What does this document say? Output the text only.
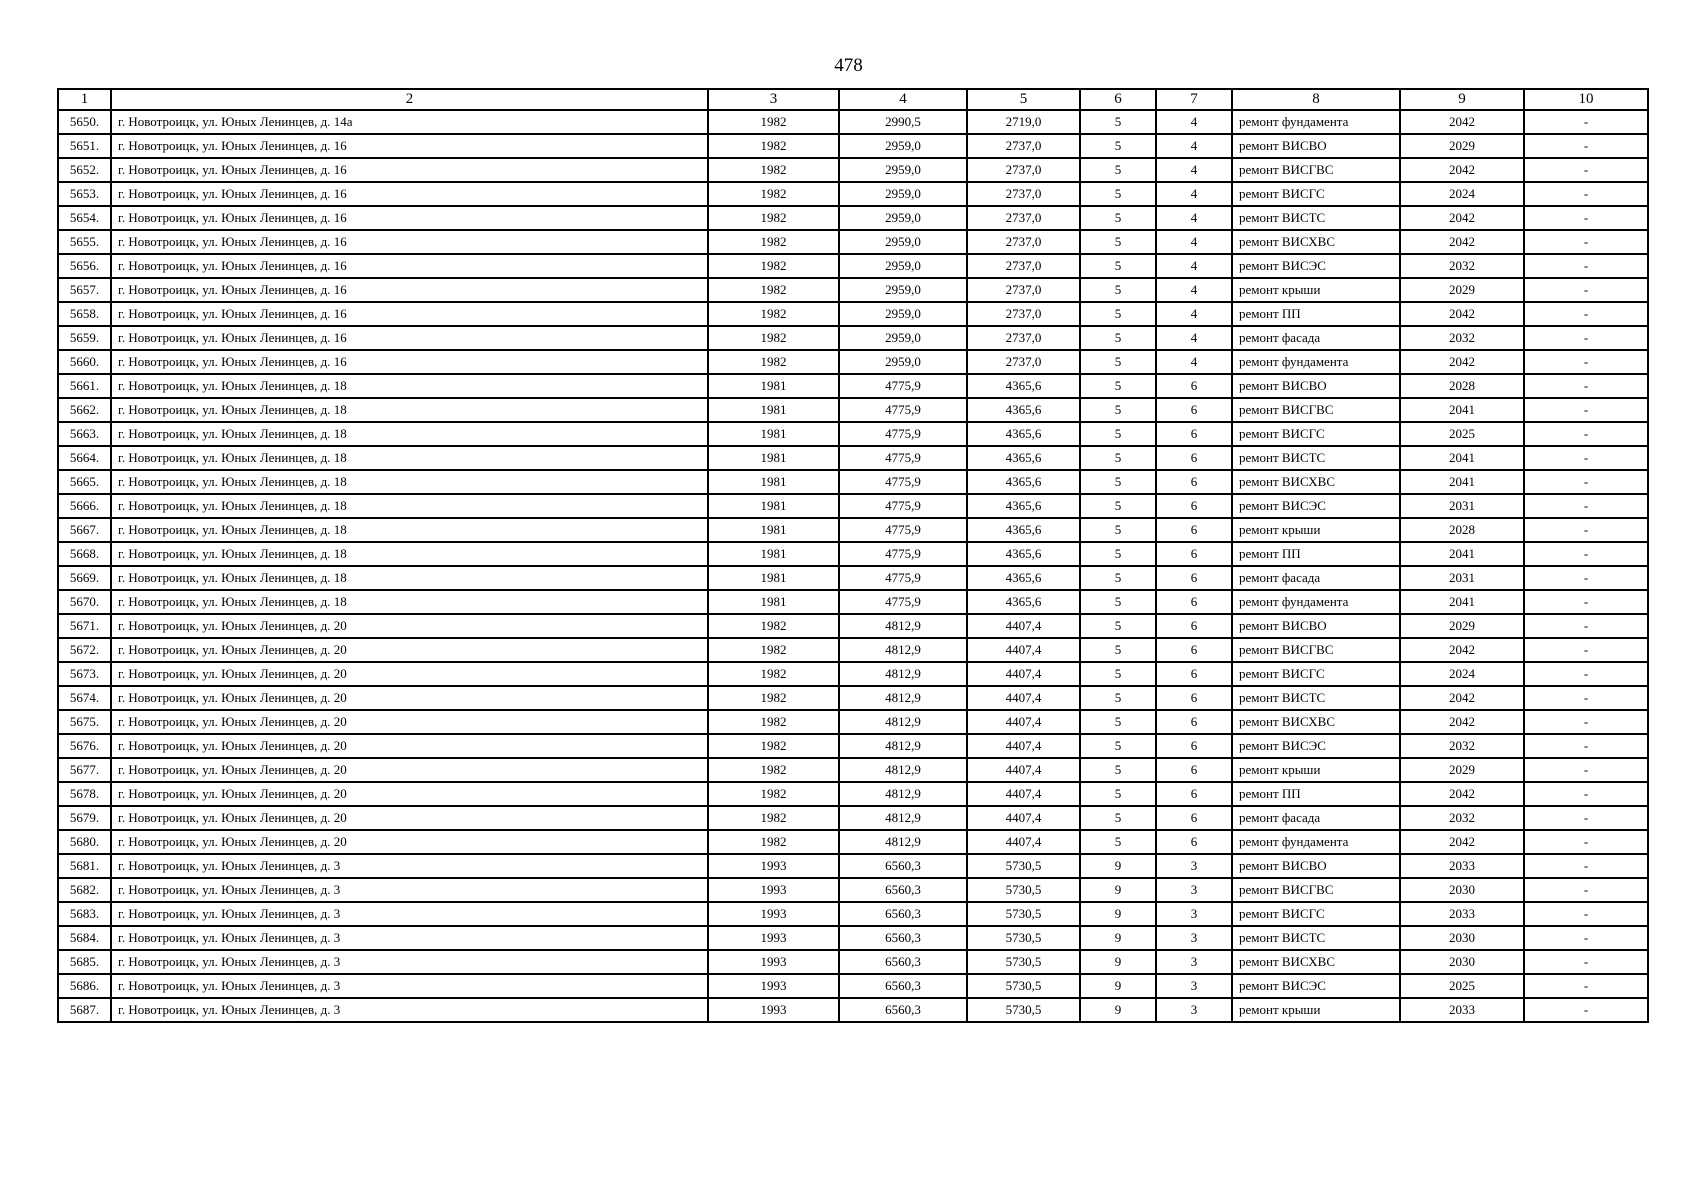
478
1	2	3	4	5	6	7	8	9	10
5650.	г. Новотроицк, ул. Юных Ленинцев, д. 14а	1982	2990,5	2719,0	5	4	ремонт фундамента	2042	-
5651.	г. Новотроицк, ул. Юных Ленинцев, д. 16	1982	2959,0	2737,0	5	4	ремонт ВИСВО	2029	-
5652.	г. Новотроицк, ул. Юных Ленинцев, д. 16	1982	2959,0	2737,0	5	4	ремонт ВИСГВС	2042	-
5653.	г. Новотроицк, ул. Юных Ленинцев, д. 16	1982	2959,0	2737,0	5	4	ремонт ВИСГС	2024	-
5654.	г. Новотроицк, ул. Юных Ленинцев, д. 16	1982	2959,0	2737,0	5	4	ремонт ВИСТС	2042	-
5655.	г. Новотроицк, ул. Юных Ленинцев, д. 16	1982	2959,0	2737,0	5	4	ремонт ВИСХВС	2042	-
5656.	г. Новотроицк, ул. Юных Ленинцев, д. 16	1982	2959,0	2737,0	5	4	ремонт ВИСЭС	2032	-
5657.	г. Новотроицк, ул. Юных Ленинцев, д. 16	1982	2959,0	2737,0	5	4	ремонт крыши	2029	-
5658.	г. Новотроицк, ул. Юных Ленинцев, д. 16	1982	2959,0	2737,0	5	4	ремонт ПП	2042	-
5659.	г. Новотроицк, ул. Юных Ленинцев, д. 16	1982	2959,0	2737,0	5	4	ремонт фасада	2032	-
5660.	г. Новотроицк, ул. Юных Ленинцев, д. 16	1982	2959,0	2737,0	5	4	ремонт фундамента	2042	-
5661.	г. Новотроицк, ул. Юных Ленинцев, д. 18	1981	4775,9	4365,6	5	6	ремонт ВИСВО	2028	-
5662.	г. Новотроицк, ул. Юных Ленинцев, д. 18	1981	4775,9	4365,6	5	6	ремонт ВИСГВС	2041	-
5663.	г. Новотроицк, ул. Юных Ленинцев, д. 18	1981	4775,9	4365,6	5	6	ремонт ВИСГС	2025	-
5664.	г. Новотроицк, ул. Юных Ленинцев, д. 18	1981	4775,9	4365,6	5	6	ремонт ВИСТС	2041	-
5665.	г. Новотроицк, ул. Юных Ленинцев, д. 18	1981	4775,9	4365,6	5	6	ремонт ВИСХВС	2041	-
5666.	г. Новотроицк, ул. Юных Ленинцев, д. 18	1981	4775,9	4365,6	5	6	ремонт ВИСЭС	2031	-
5667.	г. Новотроицк, ул. Юных Ленинцев, д. 18	1981	4775,9	4365,6	5	6	ремонт крыши	2028	-
5668.	г. Новотроицк, ул. Юных Ленинцев, д. 18	1981	4775,9	4365,6	5	6	ремонт ПП	2041	-
5669.	г. Новотроицк, ул. Юных Ленинцев, д. 18	1981	4775,9	4365,6	5	6	ремонт фасада	2031	-
5670.	г. Новотроицк, ул. Юных Ленинцев, д. 18	1981	4775,9	4365,6	5	6	ремонт фундамента	2041	-
5671.	г. Новотроицк, ул. Юных Ленинцев, д. 20	1982	4812,9	4407,4	5	6	ремонт ВИСВО	2029	-
5672.	г. Новотроицк, ул. Юных Ленинцев, д. 20	1982	4812,9	4407,4	5	6	ремонт ВИСГВС	2042	-
5673.	г. Новотроицк, ул. Юных Ленинцев, д. 20	1982	4812,9	4407,4	5	6	ремонт ВИСГС	2024	-
5674.	г. Новотроицк, ул. Юных Ленинцев, д. 20	1982	4812,9	4407,4	5	6	ремонт ВИСТС	2042	-
5675.	г. Новотроицк, ул. Юных Ленинцев, д. 20	1982	4812,9	4407,4	5	6	ремонт ВИСХВС	2042	-
5676.	г. Новотроицк, ул. Юных Ленинцев, д. 20	1982	4812,9	4407,4	5	6	ремонт ВИСЭС	2032	-
5677.	г. Новотроицк, ул. Юных Ленинцев, д. 20	1982	4812,9	4407,4	5	6	ремонт крыши	2029	-
5678.	г. Новотроицк, ул. Юных Ленинцев, д. 20	1982	4812,9	4407,4	5	6	ремонт ПП	2042	-
5679.	г. Новотроицк, ул. Юных Ленинцев, д. 20	1982	4812,9	4407,4	5	6	ремонт фасада	2032	-
5680.	г. Новотроицк, ул. Юных Ленинцев, д. 20	1982	4812,9	4407,4	5	6	ремонт фундамента	2042	-
5681.	г. Новотроицк, ул. Юных Ленинцев, д. 3	1993	6560,3	5730,5	9	3	ремонт ВИСВО	2033	-
5682.	г. Новотроицк, ул. Юных Ленинцев, д. 3	1993	6560,3	5730,5	9	3	ремонт ВИСГВС	2030	-
5683.	г. Новотроицк, ул. Юных Ленинцев, д. 3	1993	6560,3	5730,5	9	3	ремонт ВИСГС	2033	-
5684.	г. Новотроицк, ул. Юных Ленинцев, д. 3	1993	6560,3	5730,5	9	3	ремонт ВИСТС	2030	-
5685.	г. Новотроицк, ул. Юных Ленинцев, д. 3	1993	6560,3	5730,5	9	3	ремонт ВИСХВС	2030	-
5686.	г. Новотроицк, ул. Юных Ленинцев, д. 3	1993	6560,3	5730,5	9	3	ремонт ВИСЭС	2025	-
5687.	г. Новотроицк, ул. Юных Ленинцев, д. 3	1993	6560,3	5730,5	9	3	ремонт крыши	2033	-
